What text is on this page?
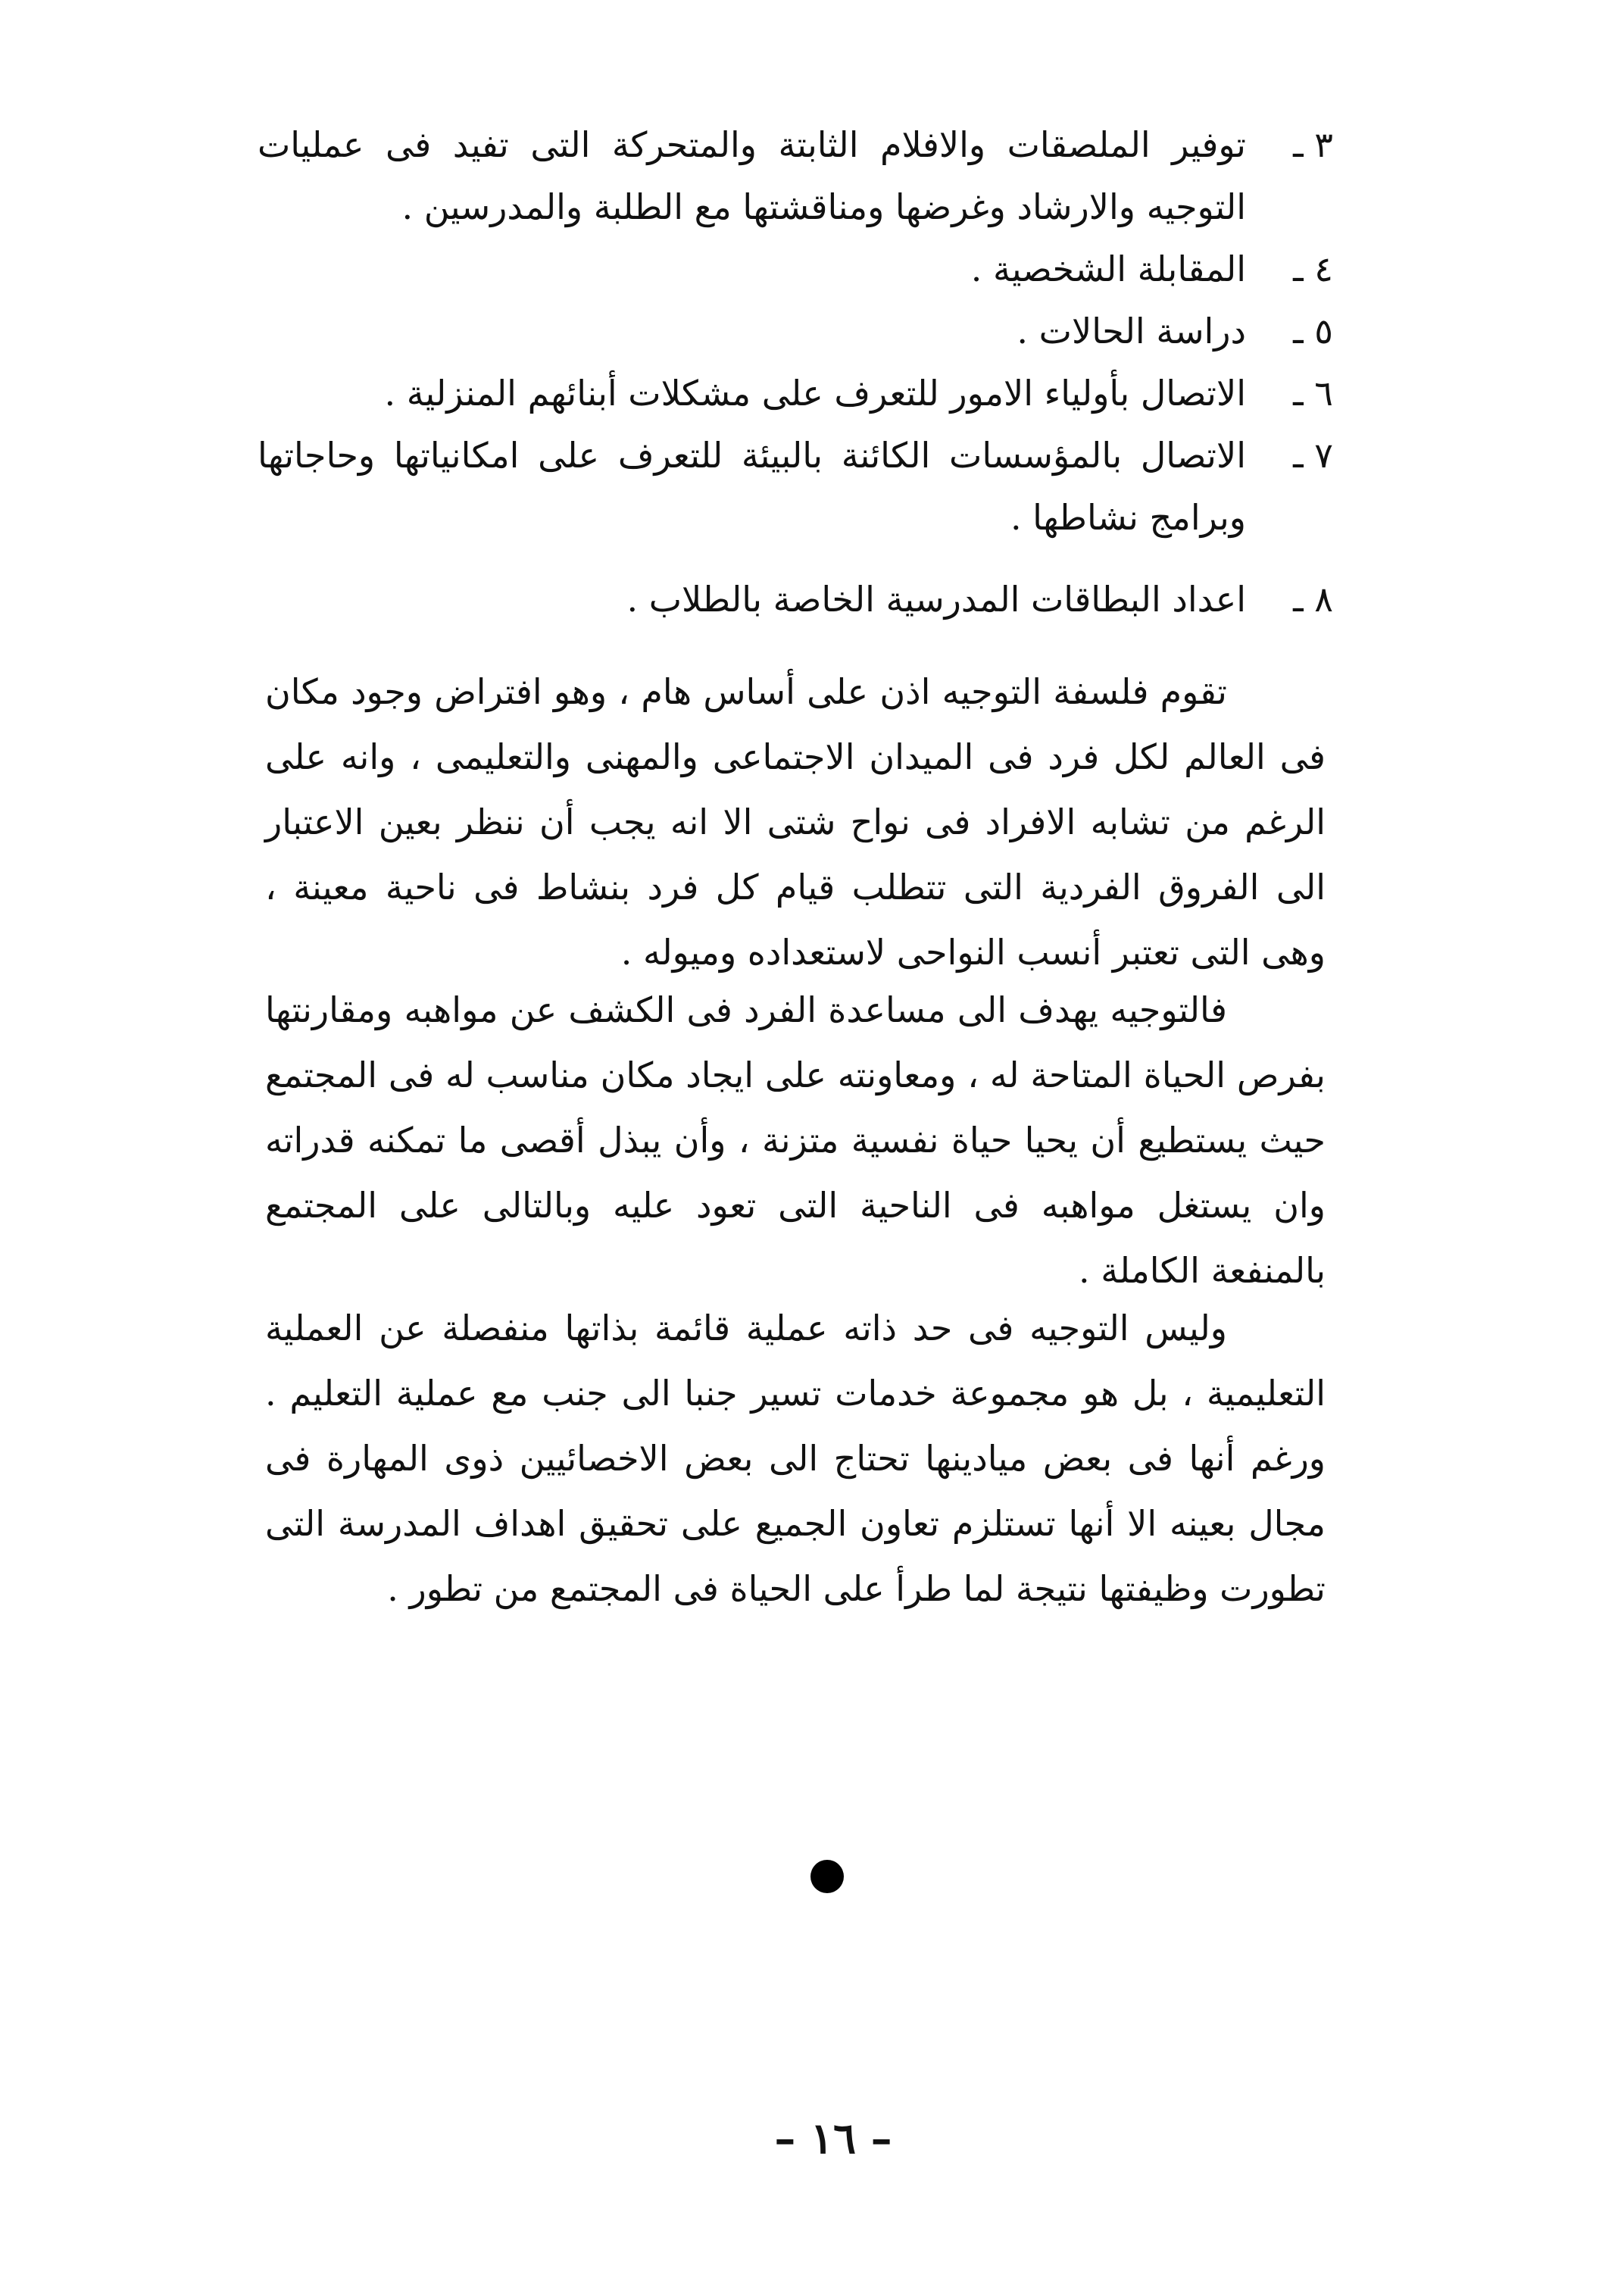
٣ ـ
توفير الملصقات والافلام الثابتة والمتحركة التى تفيد فى عمليات التوجيه والارشاد وغرضها ومناقشتها مع الطلبة والمدرسين .
٤ ـ
المقابلة الشخصية .
٥ ـ
دراسة الحالات .
٦ ـ
الاتصال بأولياء الامور للتعرف على مشكلات أبنائهم المنزلية .
٧ ـ
الاتصال بالمؤسسات الكائنة بالبيئة للتعرف على امكانياتها وحاجاتها وبرامج نشاطها .
٨ ـ
اعداد البطاقات المدرسية الخاصة بالطلاب .

تقوم فلسفة التوجيه اذن على أساس هام ، وهو افتراض وجود مكان فى العالم لكل فرد فى الميدان الاجتماعى والمهنى والتعليمى ، وانه على الرغم من تشابه الافراد فى نواح شتى الا انه يجب أن ننظر بعين الاعتبار الى الفروق الفردية التى تتطلب قيام كل فرد بنشاط فى ناحية معينة ، وهى التى تعتبر أنسب النواحى لاستعداده وميوله .

فالتوجيه يهدف الى مساعدة الفرد فى الكشف عن مواهبه ومقارنتها بفرص الحياة المتاحة له ، ومعاونته على ايجاد مكان مناسب له فى المجتمع حيث يستطيع أن يحيا حياة نفسية متزنة ، وأن يبذل أقصى ما تمكنه قدراته وان يستغل مواهبه فى الناحية التى تعود عليه وبالتالى على المجتمع بالمنفعة الكاملة .

وليس التوجيه فى حد ذاته عملية قائمة بذاتها منفصلة عن العملية التعليمية ، بل هو مجموعة خدمات تسير جنبا الى جنب مع عملية التعليم . ورغم أنها فى بعض ميادينها تحتاج الى بعض الاخصائيين ذوى المهارة فى مجال بعينه الا أنها تستلزم تعاون الجميع على تحقيق اهداف المدرسة التى تطورت وظيفتها نتيجة لما طرأ على الحياة فى المجتمع من تطور .

– ١٦ –
